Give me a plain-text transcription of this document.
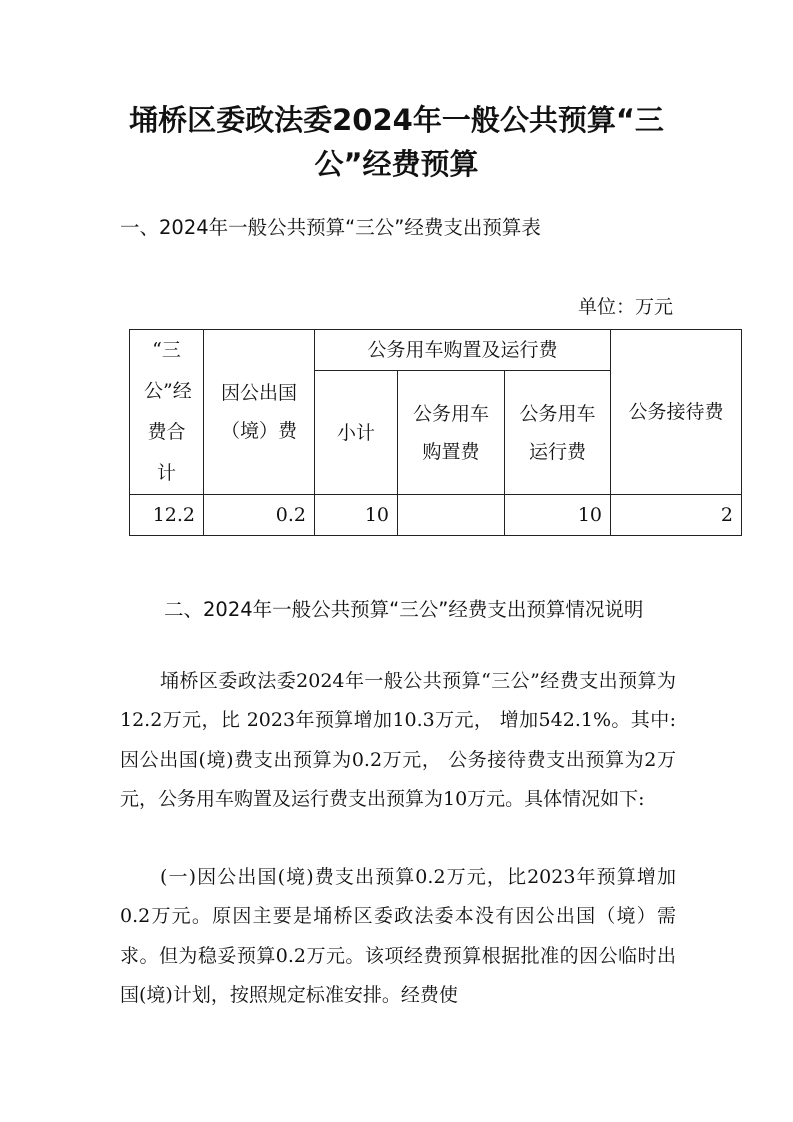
埇桥区委政法委2024年一般公共预算“三公”经费预算
一、2024年一般公共预算“三公”经费支出预算表
单位：万元
“三公”经费合计	因公出国（境）费	公务用车购置及运行费			公务接待费
		小计	公务用车购置费	公务用车运行费	
12.2	0.2	10		10	2
二、2024年一般公共预算“三公”经费支出预算情况说明

埇桥区委政法委2024年一般公共预算“三公”经费支出预算为12.2万元，比 2023年预算增加10.3万元， 增加542.1%。其中:因公出国(境)费支出预算为0.2万元， 公务接待费支出预算为2万元，公务用车购置及运行费支出预算为10万元。具体情况如下:

(一)因公出国(境)费支出预算0.2万元，比2023年预算增加0.2万元。原因主要是埇桥区委政法委本没有因公出国（境）需求。但为稳妥预算0.2万元。该项经费预算根据批准的因公临时出国(境)计划，按照规定标准安排。经费使
